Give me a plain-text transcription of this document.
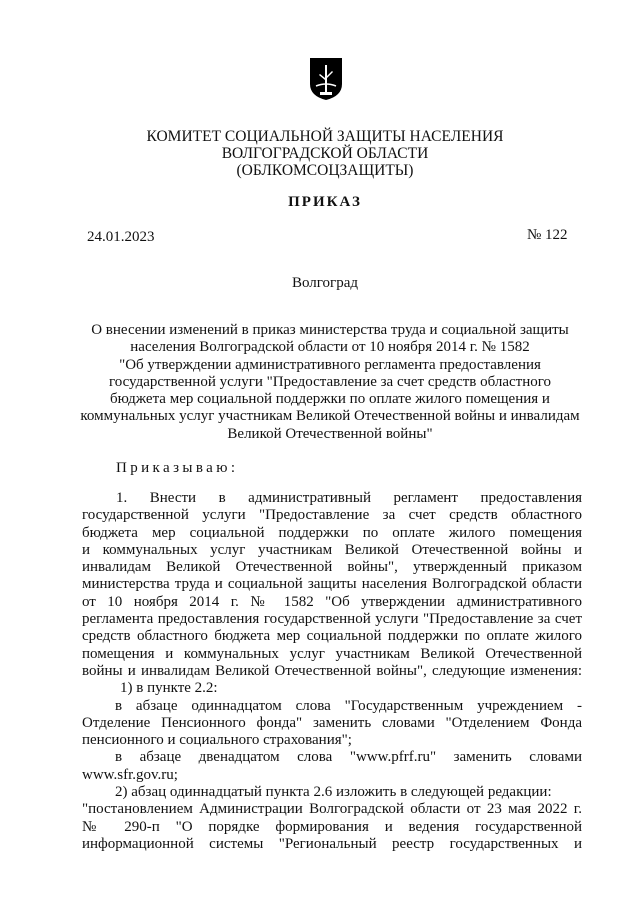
КОМИТЕТ СОЦИАЛЬНОЙ ЗАЩИТЫ НАСЕЛЕНИЯ
ВОЛГОГРАДСКОЙ ОБЛАСТИ
(ОБЛКОМСОЦЗАЩИТЫ)
ПРИКАЗ
24.01.2023	№ 122
Волгоград
О внесении изменений в приказ министерства труда и социальной защиты
населения Волгоградской области от 10 ноября 2014 г. № 1582
"Об утверждении административного регламента предоставления
государственной услуги "Предоставление за счет средств областного
бюджета мер социальной поддержки по оплате жилого помещения и
коммунальных услуг участникам Великой Отечественной войны и инвалидам
Великой Отечественной войны"
Приказываю:
1. Внести в административный регламент предоставления
государственной услуги "Предоставление за счет средств областного
бюджета мер социальной поддержки по оплате жилого помещения
и коммунальных услуг участникам Великой Отечественной войны и
инвалидам Великой Отечественной войны", утвержденный приказом
министерства труда и социальной защиты населения Волгоградской области
от 10 ноября 2014 г. № 1582 "Об утверждении административного
регламента предоставления государственной услуги "Предоставление за счет
средств областного бюджета мер социальной поддержки по оплате жилого
помещения и коммунальных услуг участникам Великой Отечественной
войны и инвалидам Великой Отечественной войны", следующие изменения:
1) в пункте 2.2:
в абзаце одиннадцатом слова "Государственным учреждением -
Отделение Пенсионного фонда" заменить словами "Отделением Фонда
пенсионного и социального страхования";
в абзаце двенадцатом слова "www.pfrf.ru" заменить словами
www.sfr.gov.ru;
2) абзац одиннадцатый пункта 2.6 изложить в следующей редакции:
"постановлением Администрации Волгоградской области от 23 мая 2022 г.
№ 290-п "О порядке формирования и ведения государственной
информационной системы "Региональный реестр государственных и
